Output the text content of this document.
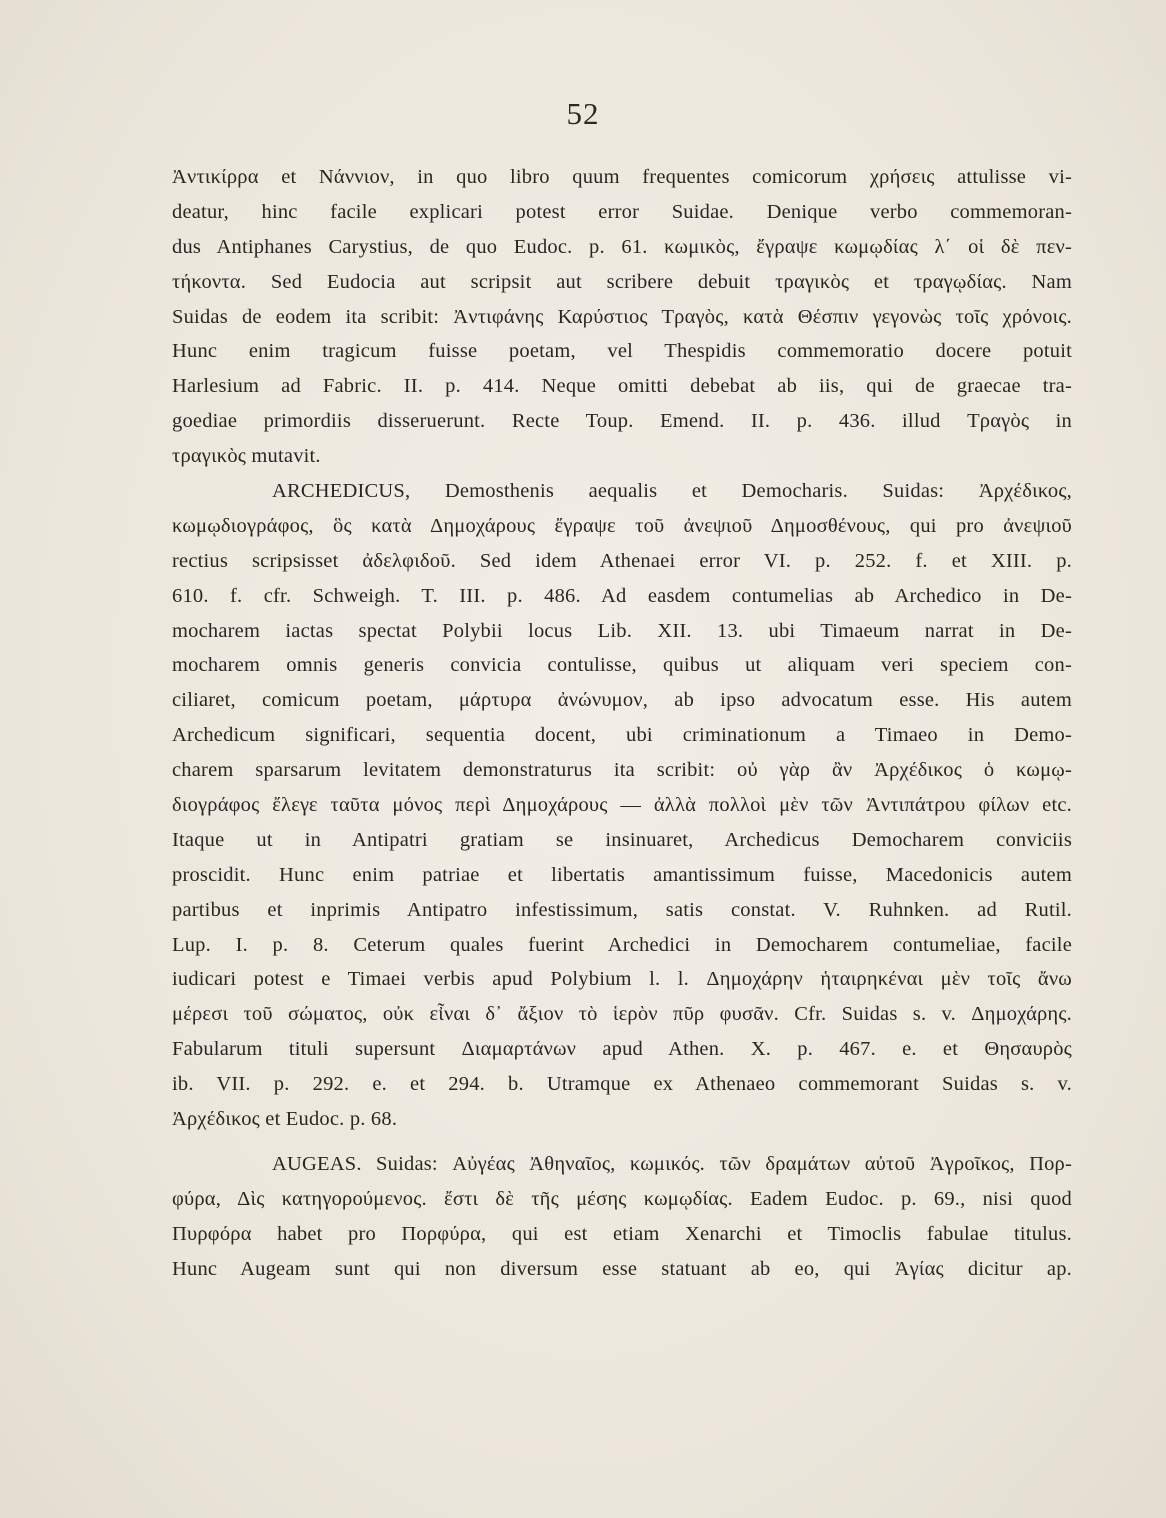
52
Ἀντικίρρα et Νάννιον, in quo libro quum frequentes comicorum χρήσεις attulisse vi-
deatur, hinc facile explicari potest error Suidae. Denique verbo commemoran-
dus Antiphanes Carystius, de quo Eudoc. p. 61. κωμικὸς, ἔγραψε κωμῳδίας λ΄ οἱ δὲ πεν-
τήκοντα. Sed Eudocia aut scripsit aut scribere debuit τραγικὸς et τραγῳδίας. Nam
Suidas de eodem ita scribit: Ἀντιφάνης Καρύστιος Τραγὸς, κατὰ Θέσπιν γεγονὼς τοῖς χρόνοις.
Hunc enim tragicum fuisse poetam, vel Thespidis commemoratio docere potuit
Harlesium ad Fabric. II. p. 414. Neque omitti debebat ab iis, qui de graecae tra-
goediae primordiis disseruerunt. Recte Toup. Emend. II. p. 436. illud Τραγὸς in
τραγικὸς mutavit.
ARCHEDICUS, Demosthenis aequalis et Democharis. Suidas: Ἀρχέδικος,
κωμῳδιογράφος, ὃς κατὰ Δημοχάρους ἔγραψε τοῦ ἀνεψιοῦ Δημοσθένους, qui pro ἀνεψιοῦ
rectius scripsisset ἀδελφιδοῦ. Sed idem Athenaei error VI. p. 252. f. et XIII. p.
610. f. cfr. Schweigh. T. III. p. 486. Ad easdem contumelias ab Archedico in De-
mocharem iactas spectat Polybii locus Lib. XII. 13. ubi Timaeum narrat in De-
mocharem omnis generis convicia contulisse, quibus ut aliquam veri speciem con-
ciliaret, comicum poetam, μάρτυρα ἀνώνυμον, ab ipso advocatum esse. His autem
Archedicum significari, sequentia docent, ubi criminationum a Timaeo in Demo-
charem sparsarum levitatem demonstraturus ita scribit: οὐ γὰρ ἂν Ἀρχέδικος ὁ κωμῳ-
διογράφος ἔλεγε ταῦτα μόνος περὶ Δημοχάρους — ἀλλὰ πολλοὶ μὲν τῶν Ἀντιπάτρου φίλων etc.
Itaque ut in Antipatri gratiam se insinuaret, Archedicus Democharem conviciis
proscidit. Hunc enim patriae et libertatis amantissimum fuisse, Macedonicis autem
partibus et inprimis Antipatro infestissimum, satis constat. V. Ruhnken. ad Rutil.
Lup. I. p. 8. Ceterum quales fuerint Archedici in Democharem contumeliae, facile
iudicari potest e Timaei verbis apud Polybium l. l. Δημοχάρην ἡταιρηκέναι μὲν τοῖς ἄνω
μέρεσι τοῦ σώματος, οὐκ εἶναι δ᾽ ἄξιον τὸ ἱερὸν πῦρ φυσᾶν. Cfr. Suidas s. v. Δημοχάρης.
Fabularum tituli supersunt Διαμαρτάνων apud Athen. X. p. 467. e. et Θησαυρὸς
ib. VII. p. 292. e. et 294. b. Utramque ex Athenaeo commemorant Suidas s. v.
Ἀρχέδικος et Eudoc. p. 68.
AUGEAS. Suidas: Αὐγέας Ἀθηναῖος, κωμικός. τῶν δραμάτων αὐτοῦ Ἀγροῖκος, Πορ-
φύρα, Δὶς κατηγορούμενος. ἔστι δὲ τῆς μέσης κωμῳδίας. Eadem Eudoc. p. 69., nisi quod
Πυρφόρα habet pro Πορφύρα, qui est etiam Xenarchi et Timoclis fabulae titulus.
Hunc Augeam sunt qui non diversum esse statuant ab eo, qui Ἀγίας dicitur ap.
